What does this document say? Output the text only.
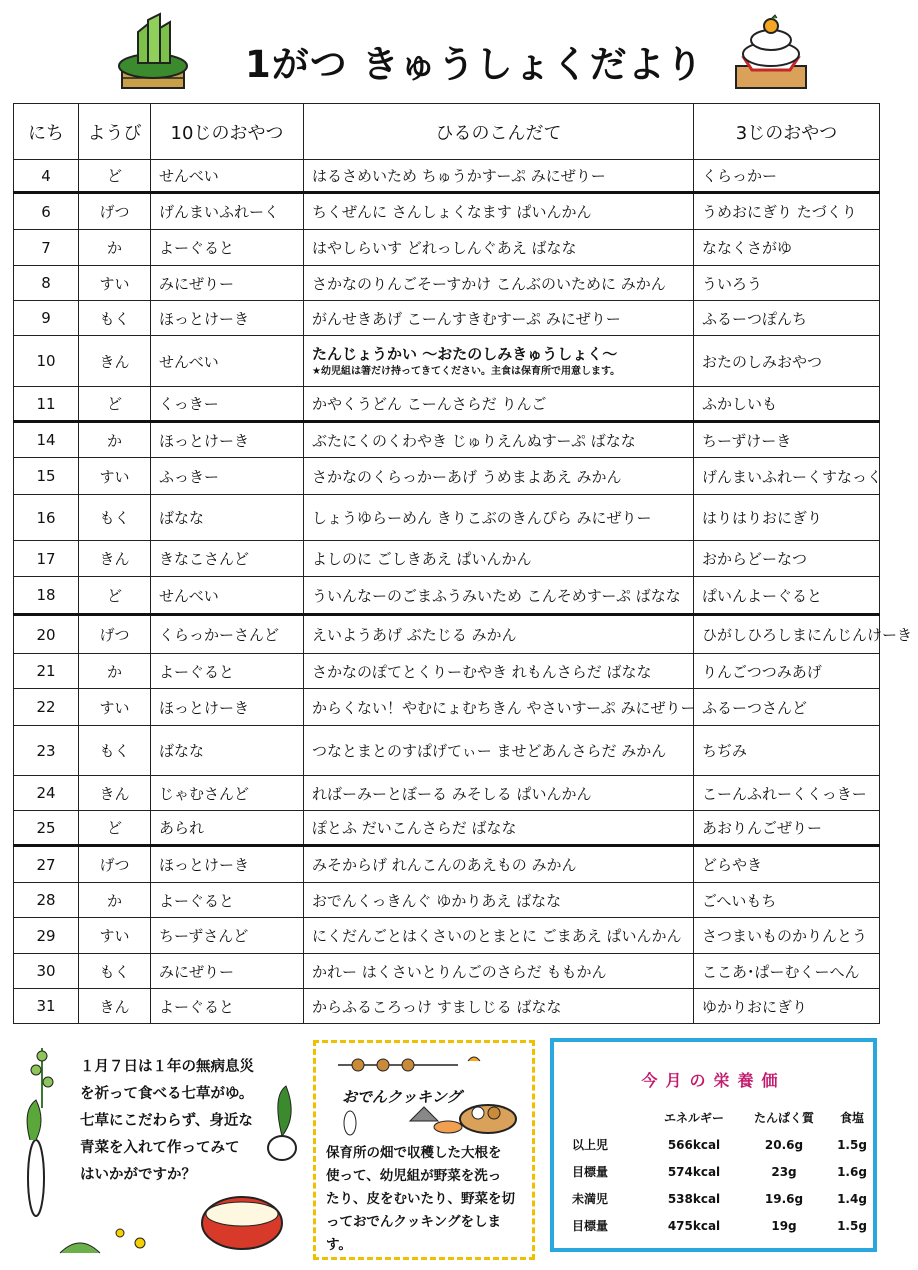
1がつ きゅうしょくだより
にち	ようび	10じのおやつ	ひるのこんだて	3じのおやつ
4	ど	せんべい	はるさめいため ちゅうかすーぷ みにぜりー	くらっかー
6	げつ	げんまいふれーく	ちくぜんに さんしょくなます ぱいんかん	うめおにぎり たづくり
7	か	よーぐると	はやしらいす どれっしんぐあえ ばなな	ななくさがゆ
8	すい	みにぜりー	さかなのりんごそーすかけ こんぶのいために みかん	ういろう
9	もく	ほっとけーき	がんせきあげ こーんすきむすーぷ みにぜりー	ふるーつぽんち
10	きん	せんべい	たんじょうかい ～おたのしみきゅうしょく～
★幼児組は箸だけ持ってきてください。主食は保育所で用意します。	おたのしみおやつ
11	ど	くっきー	かやくうどん こーんさらだ りんご	ふかしいも
14	か	ほっとけーき	ぶたにくのくわやき じゅりえんぬすーぷ ばなな	ちーずけーき
15	すい	ふっきー	さかなのくらっかーあげ うめまよあえ みかん	げんまいふれーくすなっく
16	もく	ばなな	しょうゆらーめん きりこぶのきんぴら みにぜりー	はりはりおにぎり
17	きん	きなこさんど	よしのに ごしきあえ ぱいんかん	おからどーなつ
18	ど	せんべい	ういんなーのごまふうみいため こんそめすーぷ ばなな	ぱいんよーぐると
20	げつ	くらっかーさんど	えいようあげ ぶたじる みかん	ひがしひろしまにんじんけーき
21	か	よーぐると	さかなのぽてとくりーむやき れもんさらだ ばなな	りんごつつみあげ
22	すい	ほっとけーき	からくない！やむにょむちきん やさいすーぷ みにぜりー	ふるーつさんど
23	もく	ばなな	つなとまとのすぱげてぃー ませどあんさらだ みかん	ちぢみ
24	きん	じゃむさんど	ればーみーとぼーる みそしる ぱいんかん	こーんふれーくくっきー
25	ど	あられ	ぽとふ だいこんさらだ ばなな	あおりんごぜりー
27	げつ	ほっとけーき	みそからげ れんこんのあえもの みかん	どらやき
28	か	よーぐると	おでんくっきんぐ ゆかりあえ ばなな	ごへいもち
29	すい	ちーずさんど	にくだんごとはくさいのとまとに ごまあえ ぱいんかん	さつまいものかりんとう
30	もく	みにぜりー	かれー はくさいとりんごのさらだ ももかん	ここあ･ぱーむくーへん
31	きん	よーぐると	からふるころっけ すましじる ばなな	ゆかりおにぎり
１月７日は１年の無病息災
を祈って食べる七草がゆ。
七草にこだわらず、身近な
青菜を入れて作ってみて
はいかがですか？
おでんクッキング
保育所の畑で収穫した大根を
使って、幼児組が野菜を洗っ
たり、皮をむいたり、野菜を切
っておでんクッキングをします。
今月の栄養価
	エネルギー	たんぱく質	食塩
以上児	566kcal	20.6g	1.5g
目標量	574kcal	23g	1.6g
未満児	538kcal	19.6g	1.4g
目標量	475kcal	19g	1.5g
